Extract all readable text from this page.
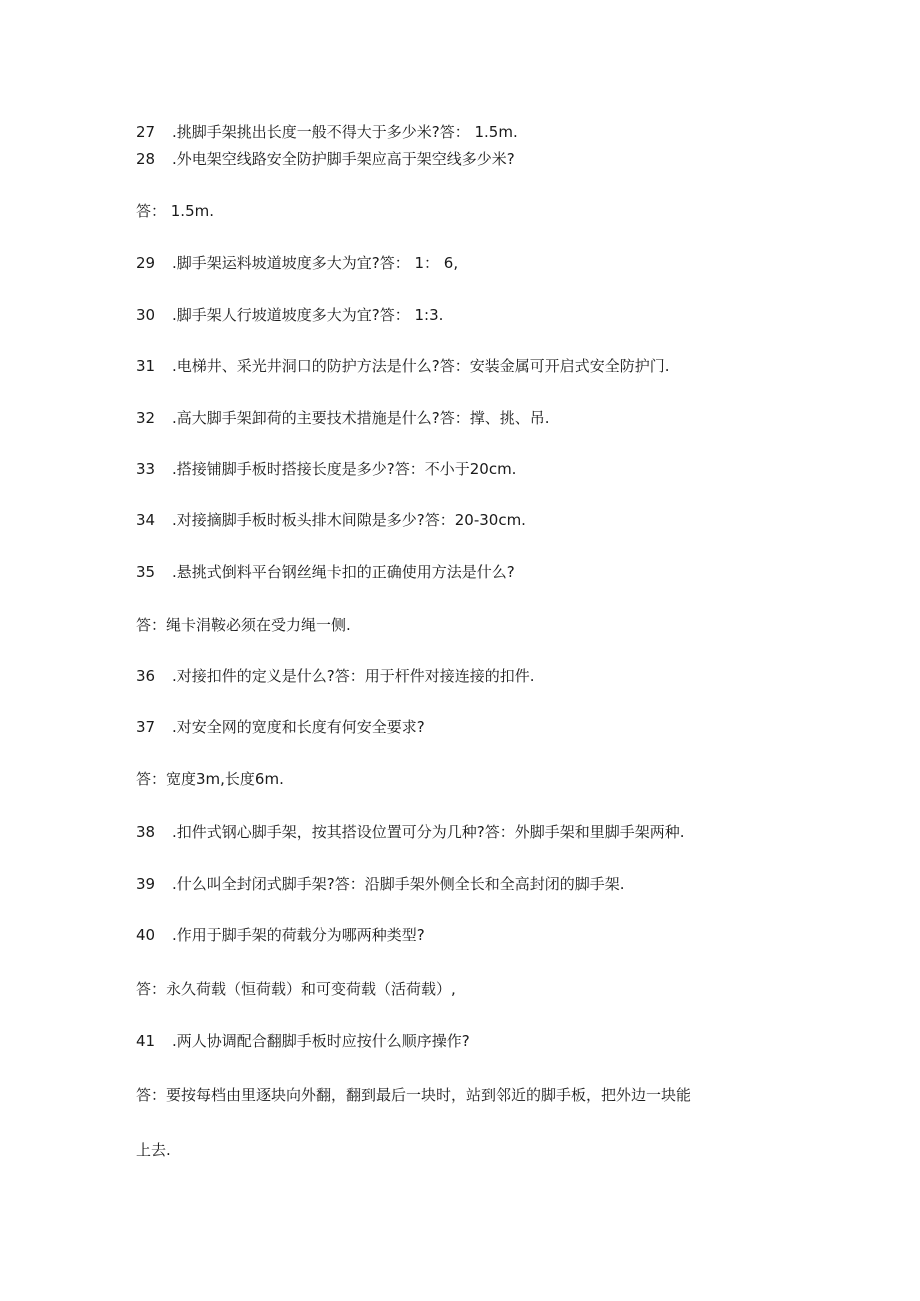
27 .挑脚手架挑出长度一般不得大于多少米?答： 1.5m.
28 .外电架空线路安全防护脚手架应高于架空线多少米?
答： 1.5m.
29 .脚手架运料坡道坡度多大为宜?答： 1： 6,
30 .脚手架人行坡道坡度多大为宜?答： 1:3.
31 .电梯井、采光井洞口的防护方法是什么?答：安装金属可开启式安全防护门.
32 .高大脚手架卸荷的主要技术措施是什么?答：撑、挑、吊.
33 .搭接铺脚手板时搭接长度是多少?答：不小于20cm.
34 .对接摘脚手板时板头排木间隙是多少?答：20-30cm.
35 .悬挑式倒料平台钢丝绳卡扣的正确使用方法是什么?
答：绳卡涓鞍必须在受力绳一侧.
36 .对接扣件的定义是什么?答：用于杆件对接连接的扣件.
37 .对安全网的宽度和长度有何安全要求?
答：宽度3m,长度6m.
38 .扣件式钢心脚手架，按其搭设位置可分为几种?答：外脚手架和里脚手架两种.
39 .什么叫全封闭式脚手架?答：沿脚手架外侧全长和全高封闭的脚手架.
40 .作用于脚手架的荷载分为哪两种类型?
答：永久荷载（恒荷载）和可变荷载（活荷载）,
41 .两人协调配合翻脚手板时应按什么顺序操作?
答：要按每档由里逐块向外翻，翻到最后一块时，站到邻近的脚手板，把外边一块能
上去.
